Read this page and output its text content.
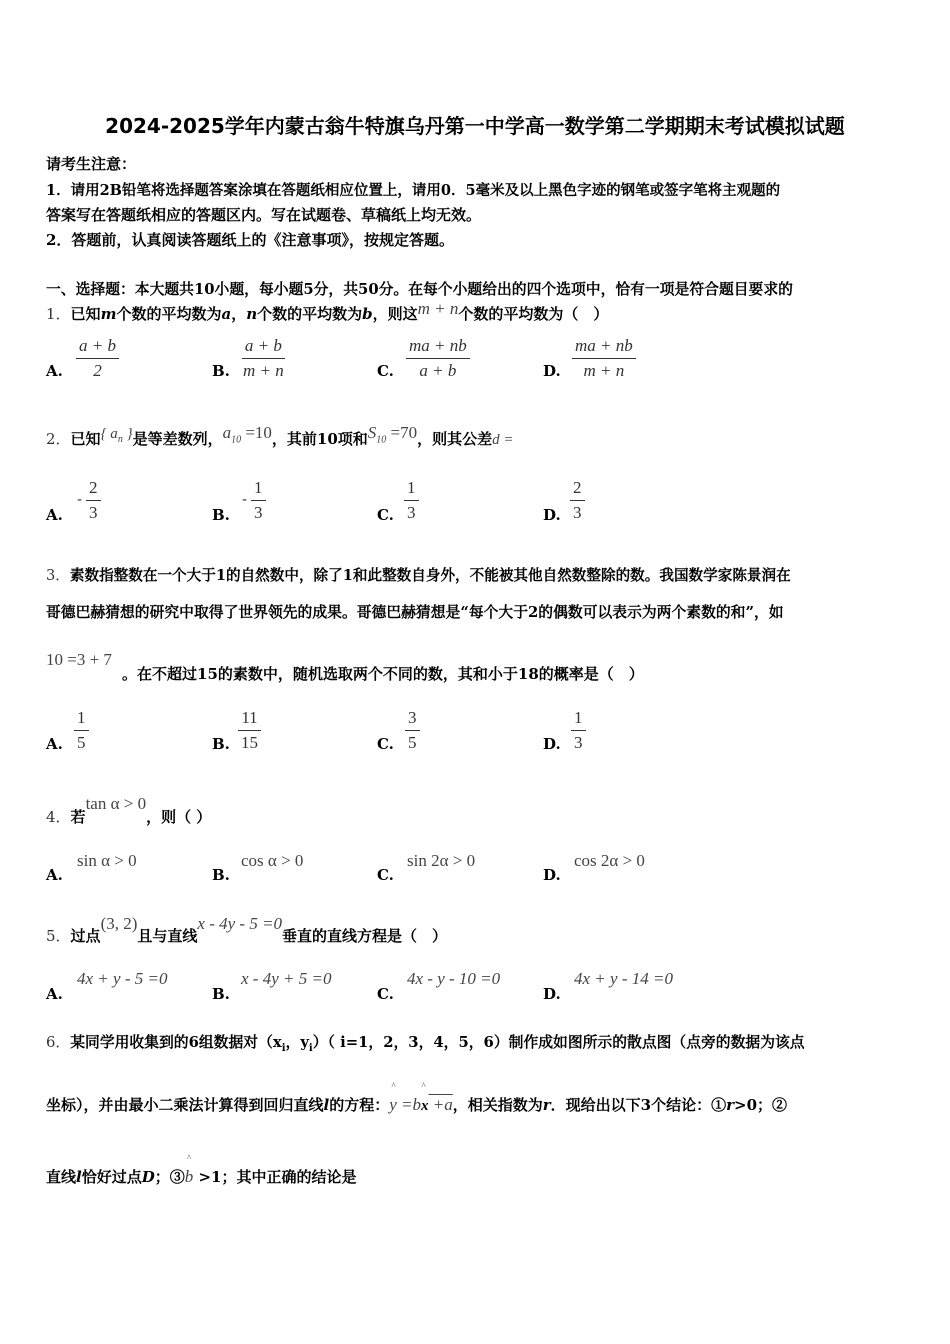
2024-2025学年内蒙古翁牛特旗乌丹第一中学高一数学第二学期期末考试模拟试题
请考生注意：
1．请用2B铅笔将选择题答案涂填在答题纸相应位置上，请用0．5毫米及以上黑色字迹的钢笔或签字笔将主观题的
答案写在答题纸相应的答题区内。写在试题卷、草稿纸上均无效。
2．答题前，认真阅读答题纸上的《注意事项》，按规定答题。
一、选择题：本大题共10小题，每小题5分，共50分。在每个小题给出的四个选项中，恰有一项是符合题目要求的
1．已知m个数的平均数为a，n个数的平均数为b，则这m + n个数的平均数为（　）
A. $\frac{a + b}{2}$	B. $\frac{a + b}{m + n}$	C. $\frac{ma + nb}{a + b}$	D. $\frac{ma + nb}{m + n}$
2．已知{ $a_n$ }是等差数列，$a_{10} =10$，其前10项和$S_{10} =70$，则其公差d =
A.
- $\frac{2}{3}$	B.
- $\frac{1}{3}$	C. $\frac{1}{3}$	D. $\frac{2}{3}$
3．素数指整数在一个大于1的自然数中，除了1和此整数自身外，不能被其他自然数整除的数。我国数学家陈景润在
哥德巴赫猜想的研究中取得了世界领先的成果。哥德巴赫猜想是“每个大于2的偶数可以表示为两个素数的和”，如
10 =3 + 7
。在不超过15的素数中，随机选取两个不同的数，其和小于18的概率是（　）
A. $\frac{1}{5}$	B. $\frac{11}{15}$	C. $\frac{3}{5}$	D. $\frac{1}{3}$
4．若tan α > 0，则（ ）
A.
sin α > 0
B.
cos α > 0
C.
sin 2α > 0
D.
cos 2α > 0
5．过点(3, 2)且与直线x - 4y - 5 =0垂直的直线方程是（　）
A.
4x + y - 5 =0
B.
x - 4y + 5 =0
C.
4x - y - 10 =0
D.
4x + y - 14 =0
6．某同学用收集到的6组数据对（$x_i$，$y_i$）（ i=1，2，3，4，5，6）制作成如图所示的散点图（点旁的数据为该点
坐标），并由最小二乘法计算得到回归直线l的方程：
^	^
y =bx +a，相关指数为r．现给出以下3个结论：①r>0；②
直线l恰好过点D；③
^
b >1；其中正确的结论是
